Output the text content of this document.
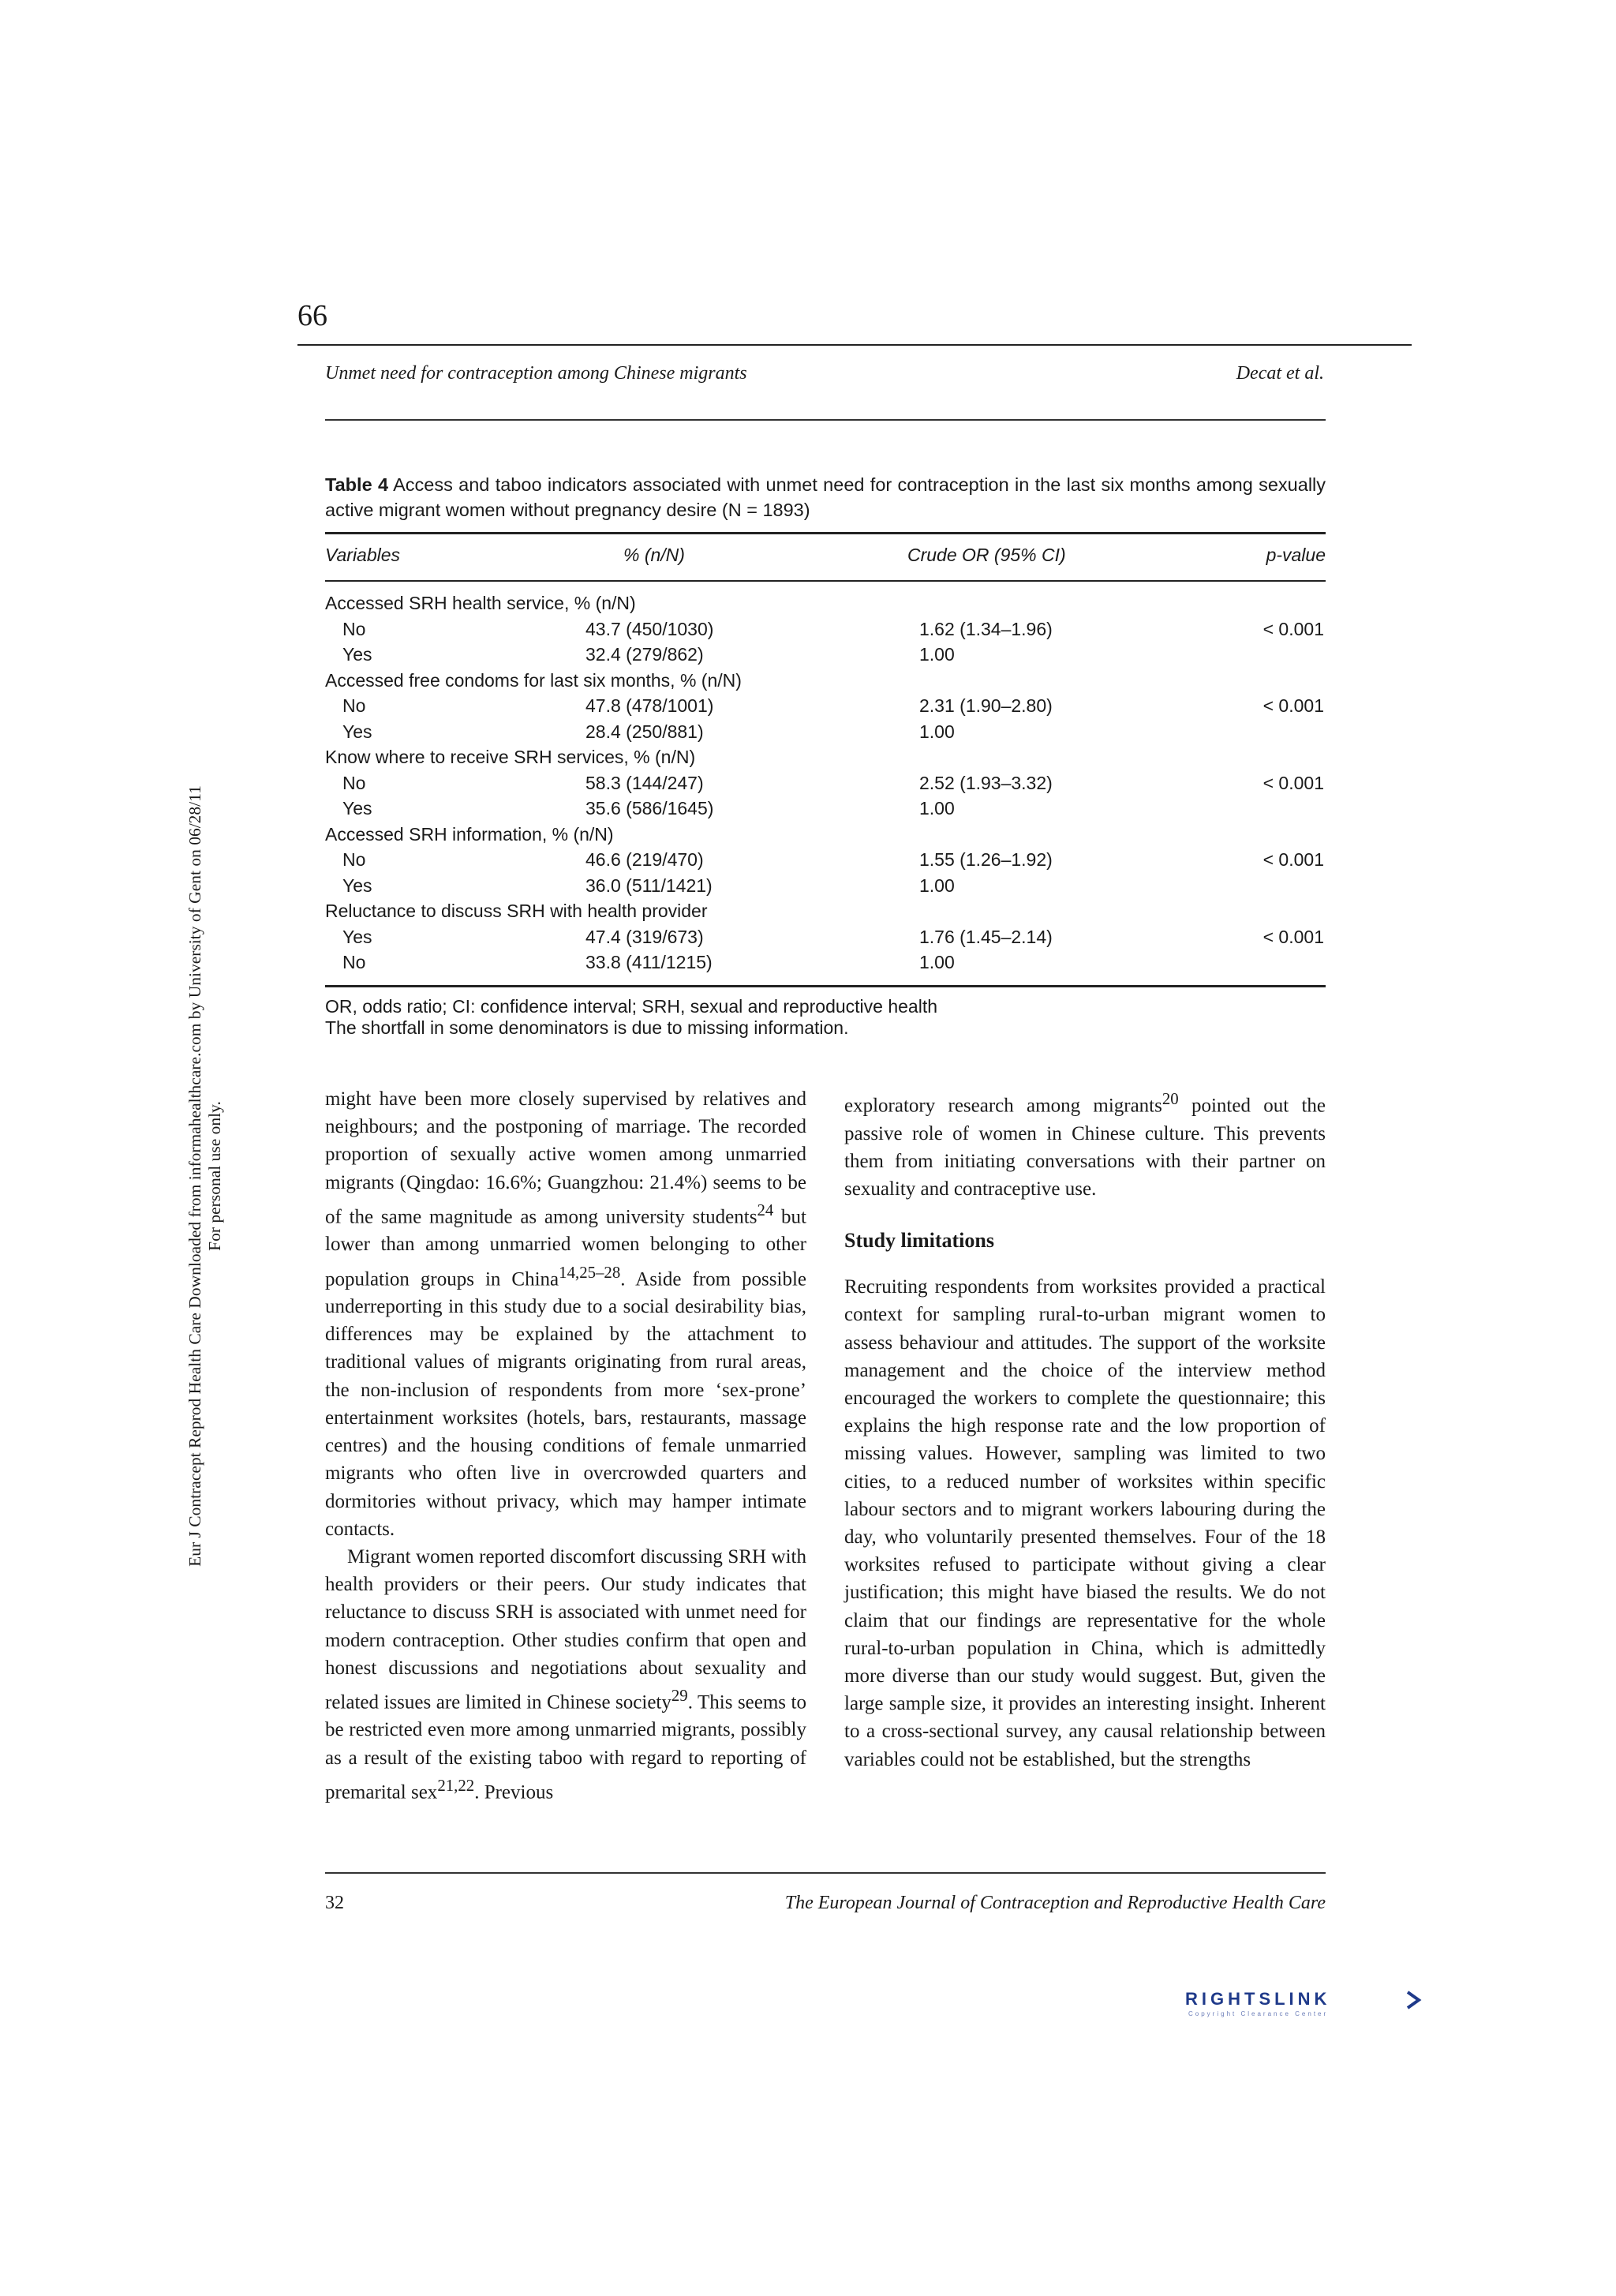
66
Unmet need for contraception among Chinese migrants	Decat et al.
Table 4 Access and taboo indicators associated with unmet need for contraception in the last six months among sexually active migrant women without pregnancy desire (N = 1893)
Variables	% (n/N)	Crude OR (95% CI)	p-value
Accessed SRH health service, % (n/N)
No	43.7 (450/1030)	1.62 (1.34–1.96)	< 0.001
Yes	32.4 (279/862)	1.00
Accessed free condoms for last six months, % (n/N)
No	47.8 (478/1001)	2.31 (1.90–2.80)	< 0.001
Yes	28.4 (250/881)	1.00
Know where to receive SRH services, % (n/N)
No	58.3 (144/247)	2.52 (1.93–3.32)	< 0.001
Yes	35.6 (586/1645)	1.00
Accessed SRH information, % (n/N)
No	46.6 (219/470)	1.55 (1.26–1.92)	< 0.001
Yes	36.0 (511/1421)	1.00
Reluctance to discuss SRH with health provider
Yes	47.4 (319/673)	1.76 (1.45–2.14)	< 0.001
No	33.8 (411/1215)	1.00
OR, odds ratio; CI: confidence interval; SRH, sexual and reproductive health
The shortfall in some denominators is due to missing information.
Eur J Contracept Reprod Health Care Downloaded from informahealthcare.com by University of Gent on 06/28/11 For personal use only.

might have been more closely supervised by relatives and neighbours; and the postponing of marriage. The recorded proportion of sexually active women among unmarried migrants (Qingdao: 16.6%; Guangzhou: 21.4%) seems to be of the same magnitude as among university students$^{24}$ but lower than among unmarried women belonging to other population groups in China$^{14,25-28}$. Aside from possible underreporting in this study due to a social desirability bias, differences may be explained by the attachment to traditional values of migrants originating from rural areas, the non-inclusion of respondents from more ‘sex-prone’ entertainment worksites (hotels, bars, restaurants, massage centres) and the housing conditions of female unmarried migrants who often live in overcrowded quarters and dormitories without privacy, which may hamper intimate contacts.

Migrant women reported discomfort discussing SRH with health providers or their peers. Our study indicates that reluctance to discuss SRH is associated with unmet need for modern contraception. Other studies confirm that open and honest discussions and negotiations about sexuality and related issues are limited in Chinese society$^{29}$. This seems to be restricted even more among unmarried migrants, possibly as a result of the existing taboo with regard to reporting of premarital sex$^{21,22}$. Previous

exploratory research among migrants$^{20}$ pointed out the passive role of women in Chinese culture. This prevents them from initiating conversations with their partner on sexuality and contraceptive use.

Study limitations

Recruiting respondents from worksites provided a practical context for sampling rural-to-urban migrant women to assess behaviour and attitudes. The support of the worksite management and the choice of the interview method encouraged the workers to complete the questionnaire; this explains the high response rate and the low proportion of missing values. However, sampling was limited to two cities, to a reduced number of worksites within specific labour sectors and to migrant workers labouring during the day, who voluntarily presented themselves. Four of the 18 worksites refused to participate without giving a clear justification; this might have biased the results. We do not claim that our findings are representative for the whole rural-to-urban population in China, which is admittedly more diverse than our study would suggest. But, given the large sample size, it provides an interesting insight. Inherent to a cross-sectional survey, any causal relationship between variables could not be established, but the strengths

32	The European Journal of Contraception and Reproductive Health Care
RIGHTSLINK
Copyright Clearance Center
